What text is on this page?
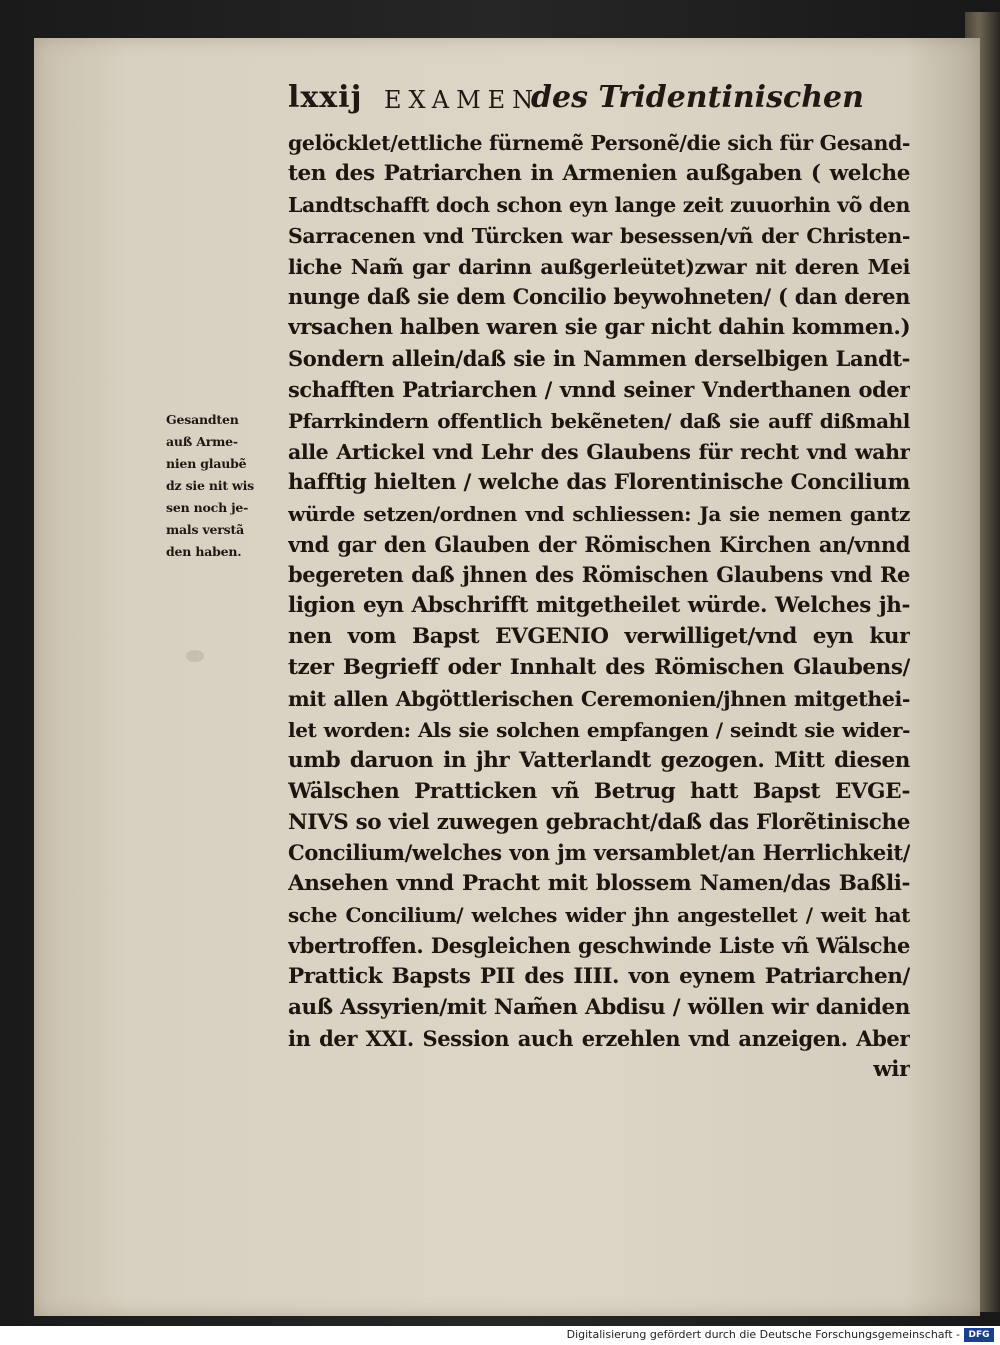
lxxij EXAMEN
des Tridentinischen
Gesandten
auß Arme-
nien glaubẽ
dz sie nit wis
sen noch je-
mals verstã
den haben.
gelöcklet/ettliche fürnemẽ Personẽ/die sich für Gesand-
ten des Patriarchen in Armenien außgaben ( welche
Landtschafft doch schon eyn lange zeit zuuorhin võ den
Sarracenen vnd Türcken war besessen/vñ der Christen-
liche Nam̃ gar darinn außgerleütet)zwar nit deren Mei
nunge daß sie dem Concilio beywohneten/ ( dan deren
vrsachen halben waren sie gar nicht dahin kommen.)
Sondern allein/daß sie in Nammen derselbigen Landt-
schafften Patriarchen / vnnd seiner Vnderthanen oder
Pfarrkindern offentlich bekẽneten/ daß sie auff dißmahl
alle Artickel vnd Lehr des Glaubens für recht vnd wahr
hafftig hielten / welche das Florentinische Concilium
würde setzen/ordnen vnd schliessen: Ja sie nemen gantz
vnd gar den Glauben der Römischen Kirchen an/vnnd
begereten daß jhnen des Römischen Glaubens vnd Re
ligion eyn Abschrifft mitgetheilet würde. Welches jh-
nen vom Bapst EVGENIO verwilliget/vnd eyn kur
tzer Begrieff oder Innhalt des Römischen Glaubens/
mit allen Abgöttlerischen Ceremonien/jhnen mitgethei-
let worden: Als sie solchen empfangen / seindt sie wider-
umb daruon in jhr Vatterlandt gezogen. Mitt diesen
Wälschen Pratticken vñ Betrug hatt Bapst EVGE-
NIVS so viel zuwegen gebracht/daß das Florẽtinische
Concilium/welches von jm versamblet/an Herrlichkeit/
Ansehen vnnd Pracht mit blossem Namen/das Baßli-
sche Concilium/ welches wider jhn angestellet / weit hat
vbertroffen. Desgleichen geschwinde Liste vñ Wälsche
Prattick Bapsts PII des IIII. von eynem Patriarchen/
auß Assyrien/mit Nam̃en Abdisu / wöllen wir daniden
in der XXI. Session auch erzehlen vnd anzeigen. Aber
wir
Digitalisierung gefördert durch die Deutsche Forschungsgemeinschaft - DFG
